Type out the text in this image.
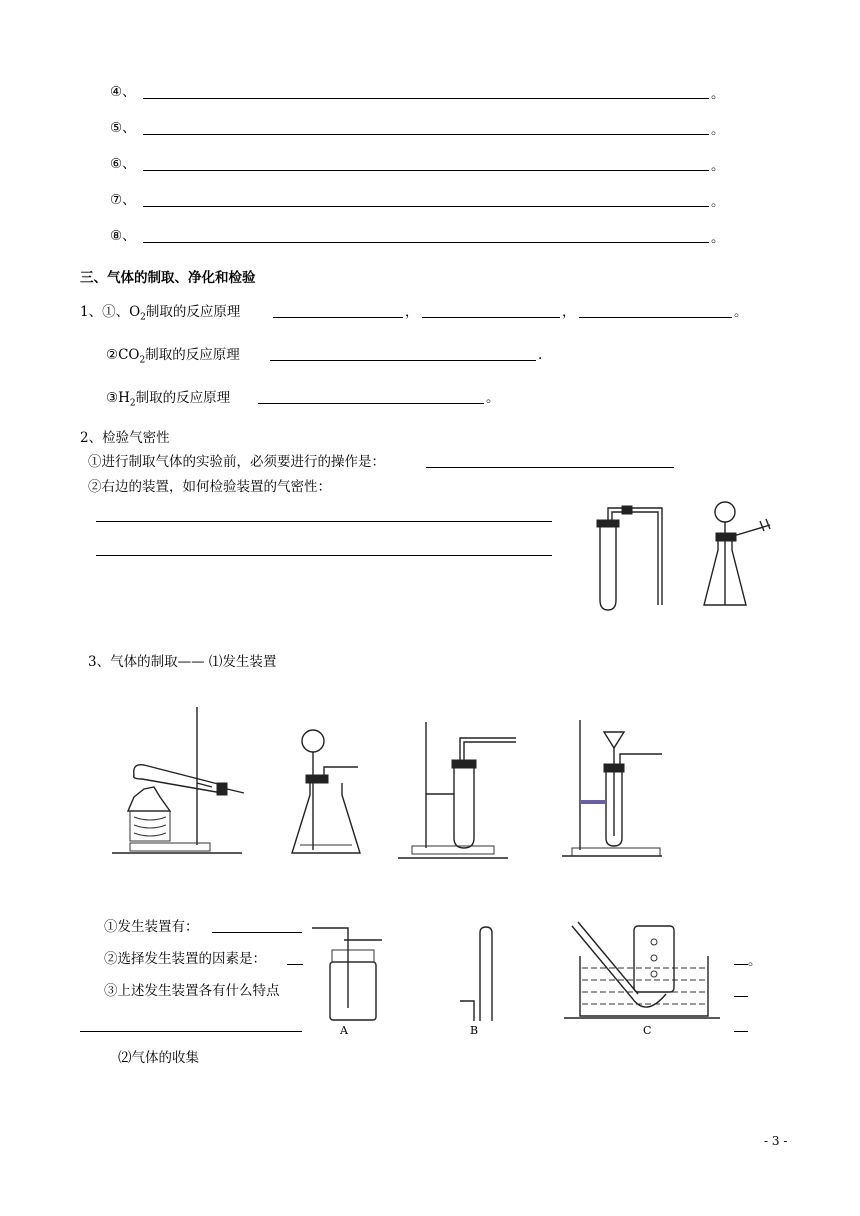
④、	。
⑤、	。
⑥、	。
⑦、	。
⑧、	。
三、气体的制取、净化和检验
1、①、$O_2$制取的反应原理	，	，	。
$②CO_2$制取的反应原理	.
$③H_2$制取的反应原理	。
2、检验气密性
①进行制取气体的实验前，必须要进行的操作是：
②右边的装置，如何检验装置的气密性：
3、气体的制取—— ⑴发生装置
①发生装置有：
②选择发生装置的因素是：	。
③上述发生装置各有什么特点
A	B	C
⑵气体的收集
- 3 -
